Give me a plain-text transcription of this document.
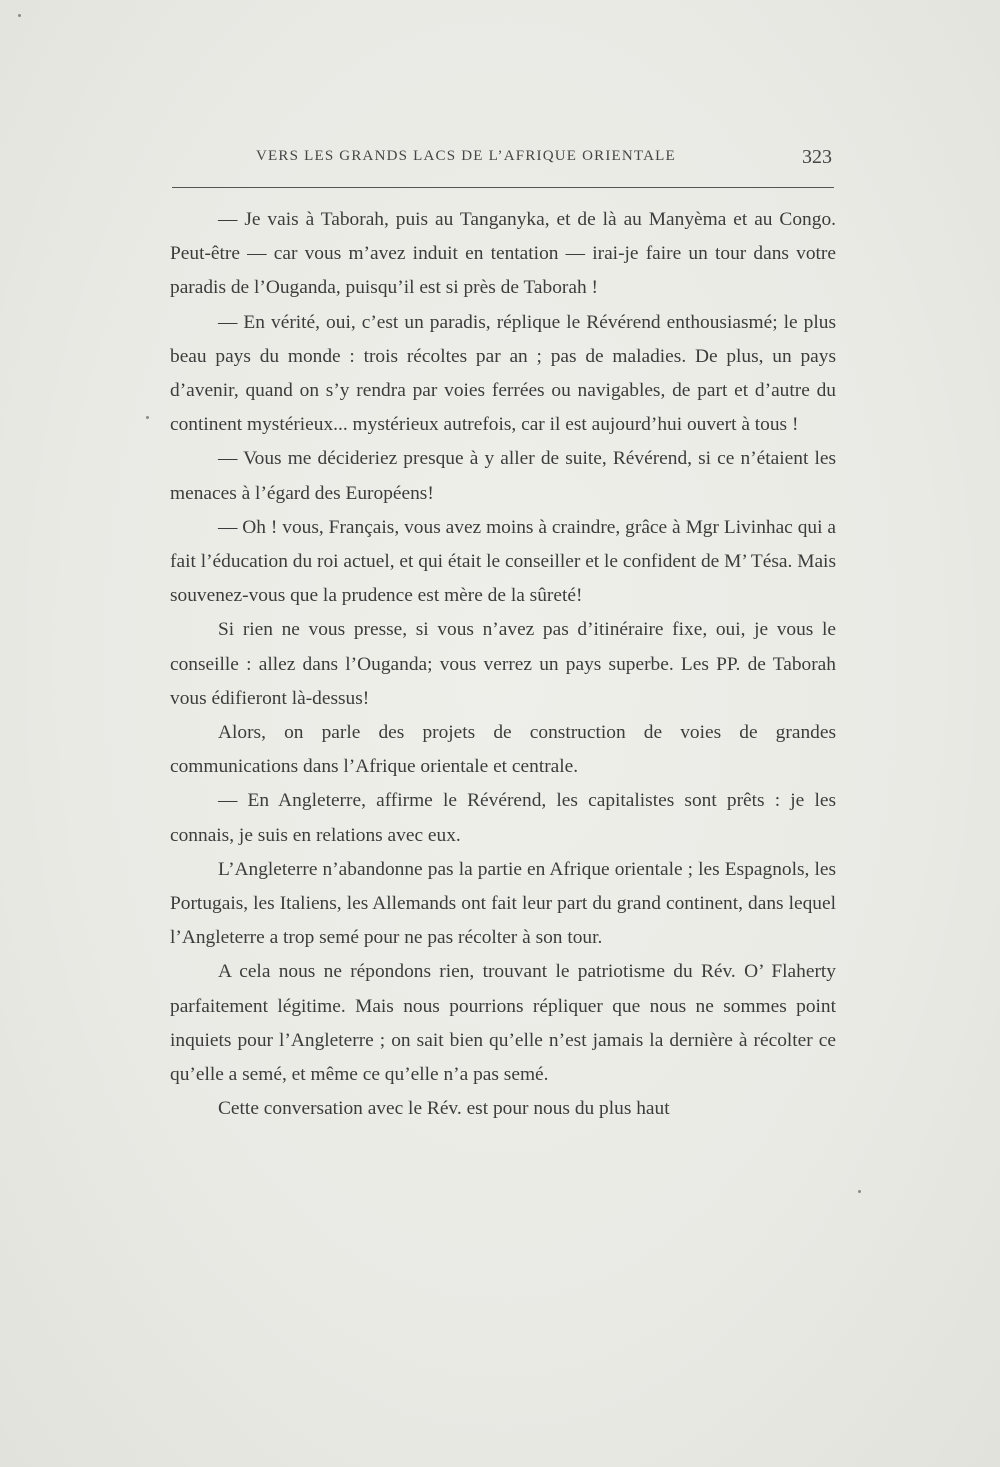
VERS LES GRANDS LACS DE L’AFRIQUE ORIENTALE	323

— Je vais à Taborah, puis au Tanganyka, et de là au Manyèma et au Congo. Peut-être — car vous m’avez induit en tentation — irai-je faire un tour dans votre paradis de l’Ouganda, puisqu’il est si près de Taborah !

— En vérité, oui, c’est un paradis, réplique le Révérend enthousiasmé; le plus beau pays du monde : trois récoltes par an ; pas de maladies. De plus, un pays d’avenir, quand on s’y rendra par voies ferrées ou navigables, de part et d’autre du continent mystérieux... mystérieux autrefois, car il est aujourd’hui ouvert à tous !

— Vous me décideriez presque à y aller de suite, Révérend, si ce n’étaient les menaces à l’égard des Européens!

— Oh ! vous, Français, vous avez moins à craindre, grâce à Mgr Livinhac qui a fait l’éducation du roi actuel, et qui était le conseiller et le confident de M’ Tésa. Mais souvenez-vous que la prudence est mère de la sûreté!

Si rien ne vous presse, si vous n’avez pas d’itinéraire fixe, oui, je vous le conseille : allez dans l’Ouganda; vous verrez un pays superbe. Les PP. de Taborah vous édifieront là-dessus!

Alors, on parle des projets de construction de voies de grandes communications dans l’Afrique orientale et centrale.

— En Angleterre, affirme le Révérend, les capitalistes sont prêts : je les connais, je suis en relations avec eux.

L’Angleterre n’abandonne pas la partie en Afrique orientale ; les Espagnols, les Portugais, les Italiens, les Allemands ont fait leur part du grand continent, dans lequel l’Angleterre a trop semé pour ne pas récolter à son tour.

A cela nous ne répondons rien, trouvant le patriotisme du Rév. O’ Flaherty parfaitement légitime. Mais nous pourrions répliquer que nous ne sommes point inquiets pour l’Angleterre ; on sait bien qu’elle n’est jamais la dernière à récolter ce qu’elle a semé, et même ce qu’elle n’a pas semé.

Cette conversation avec le Rév. est pour nous du plus haut
